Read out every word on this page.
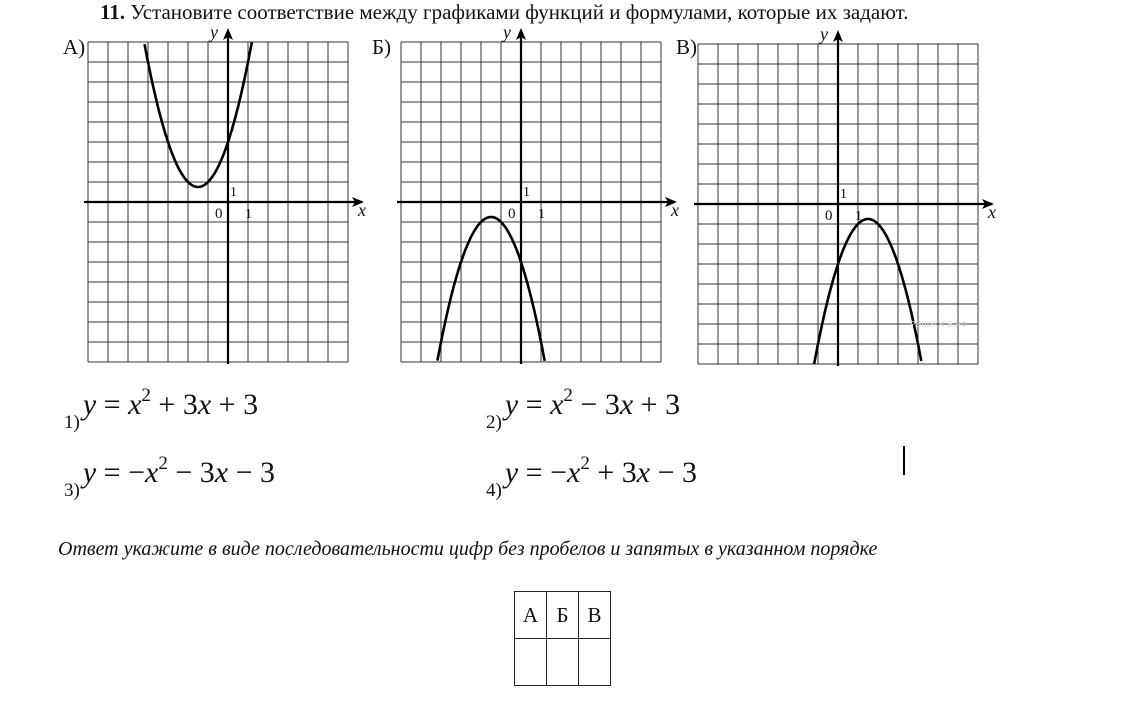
11. Установите соответствие между графиками функций и формулами, которые их задают.
А)
y
x
0 1
1
Б)
y
x
0 1
1
В)
y
x
0 1
1
РЕШУОГЭ.РФ
$_{1)}y = x^2 + 3x + 3$
$_{2)}y = x^2 - 3x + 3$
$_{3)}y = -x^2 - 3x - 3$
$_{4)}y = -x^2 + 3x - 3$
Ответ укажите в виде последовательности цифр без пробелов и запятых в указанном порядке
А	Б	В
